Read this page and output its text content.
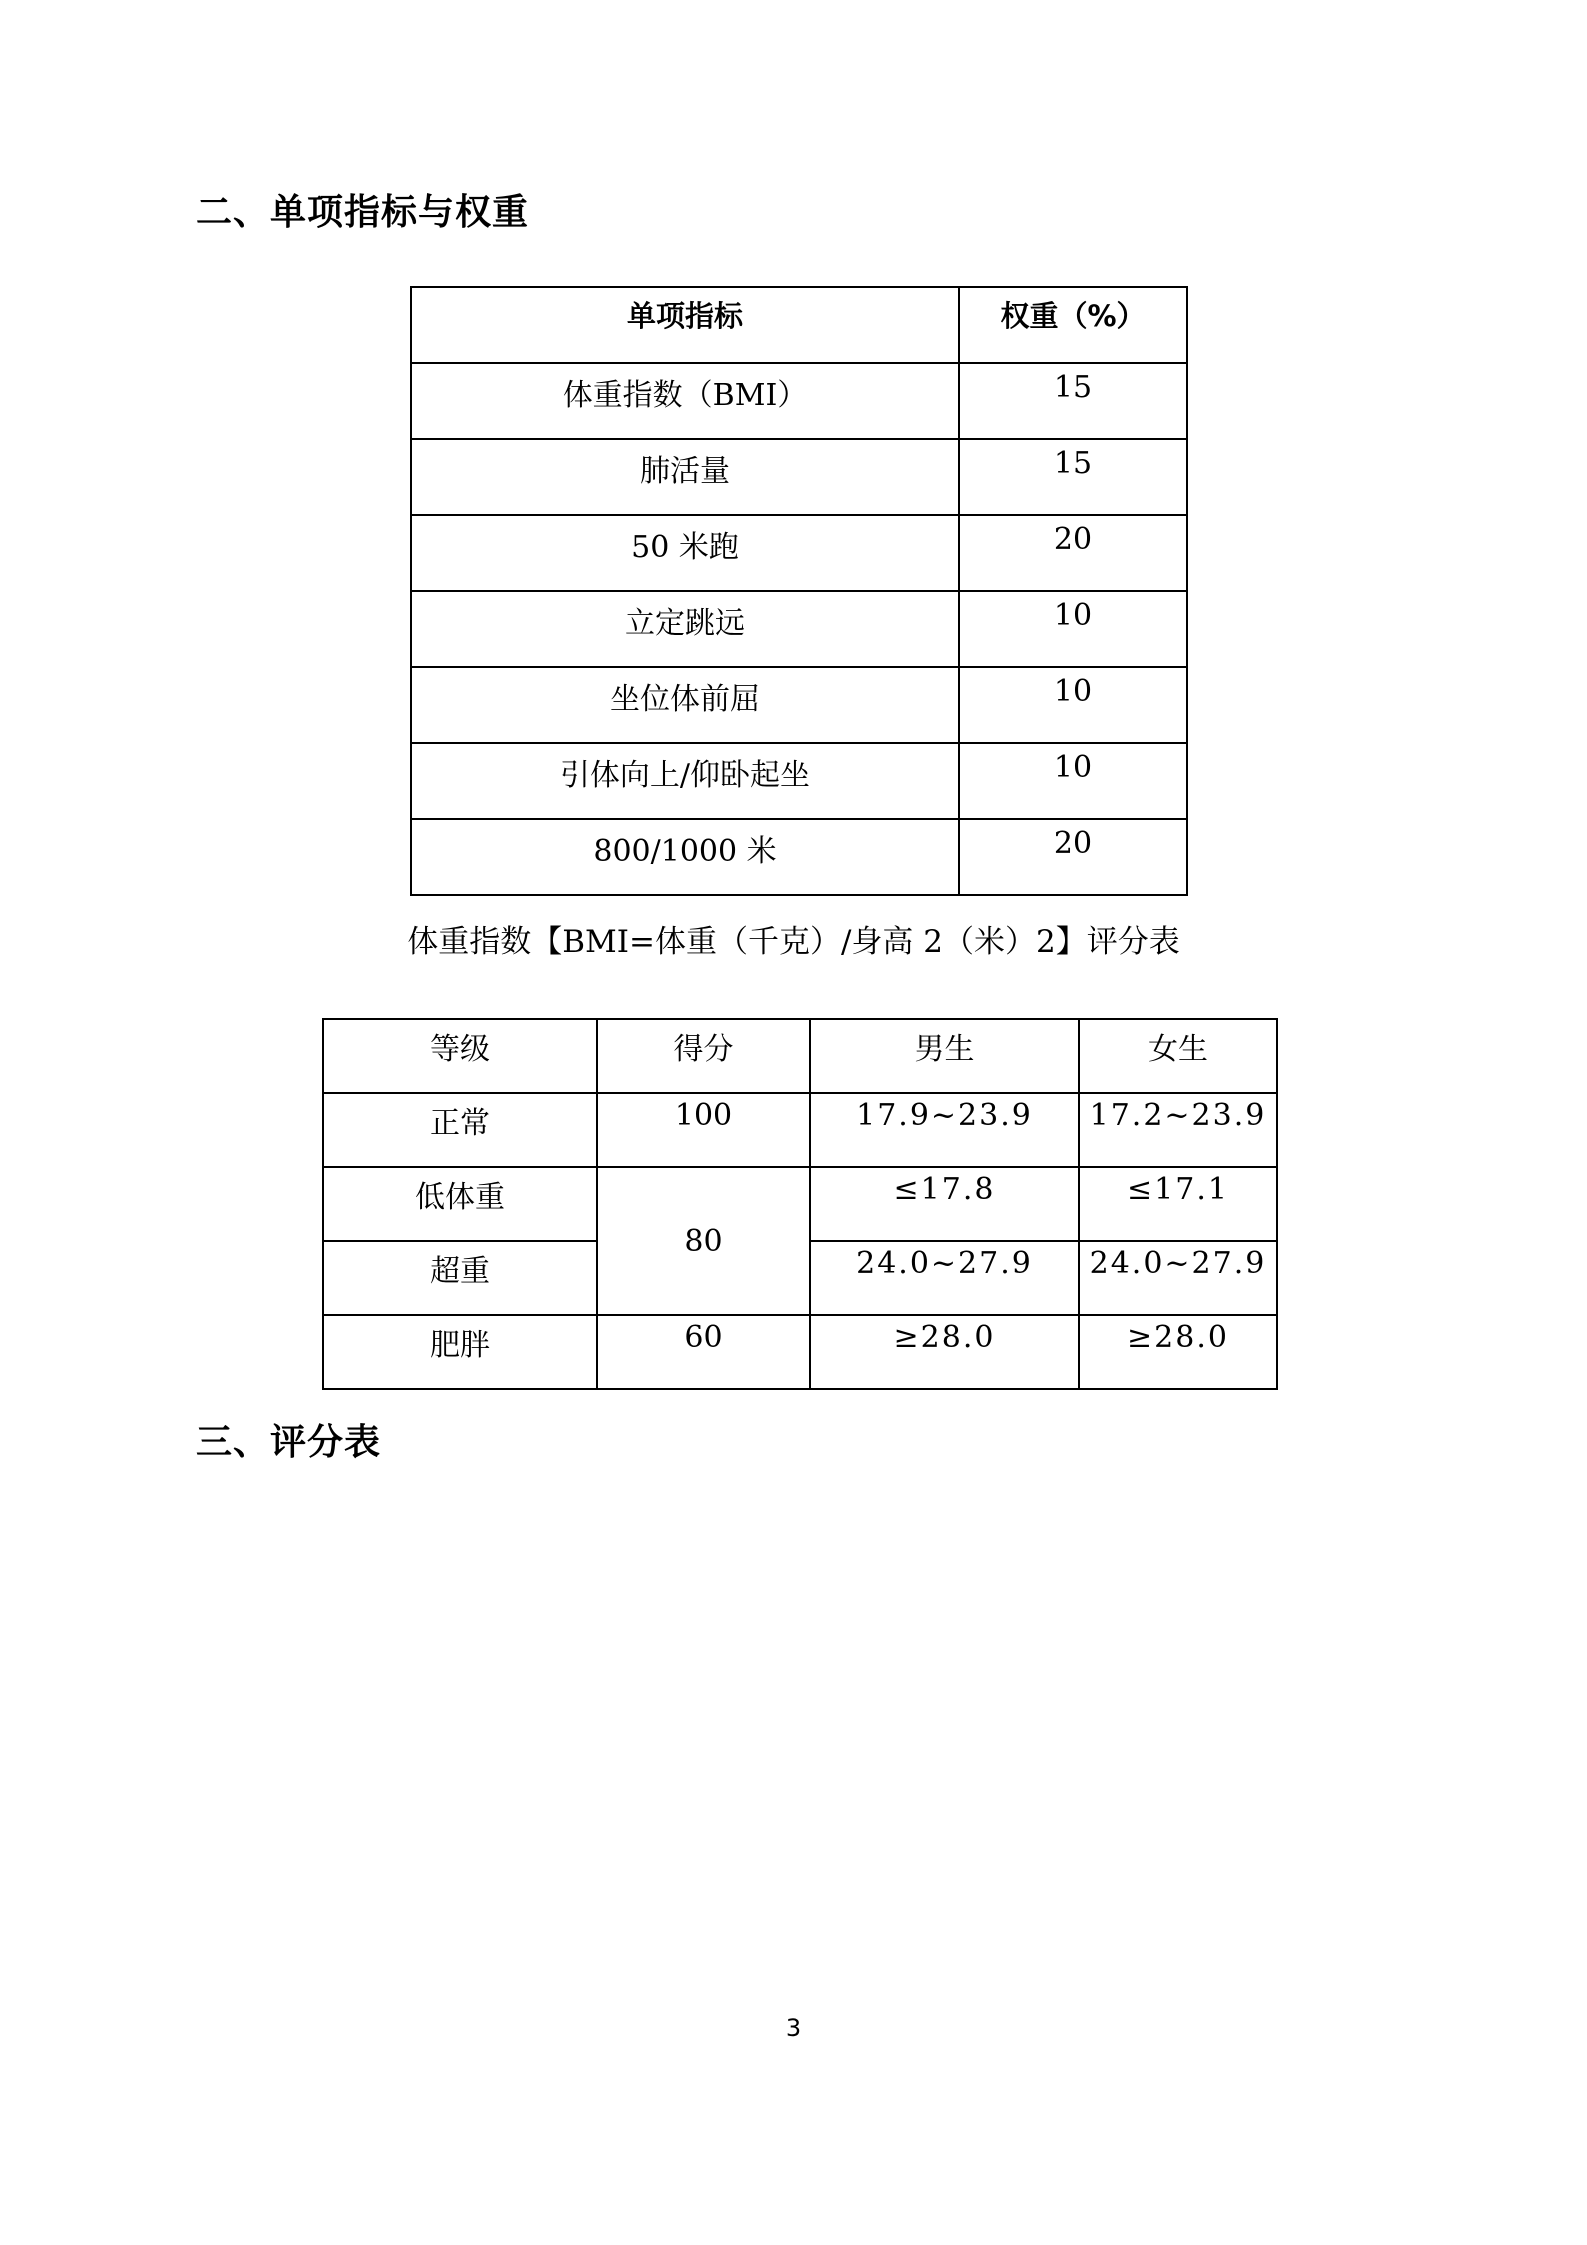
二、单项指标与权重
单项指标	权重（%）
体重指数（BMI）	15
肺活量	15
50 米跑	20
立定跳远	10
坐位体前屈	10
引体向上/仰卧起坐	10
800/1000 米	20
体重指数【BMI=体重（千克）/身高 2（米）2】评分表
等级	得分	男生	女生
正常	100	17.9~23.9	17.2~23.9
低体重	80	≤17.8	≤17.1
超重		24.0~27.9	24.0~27.9
肥胖	60	≥28.0	≥28.0
三、评分表
3
